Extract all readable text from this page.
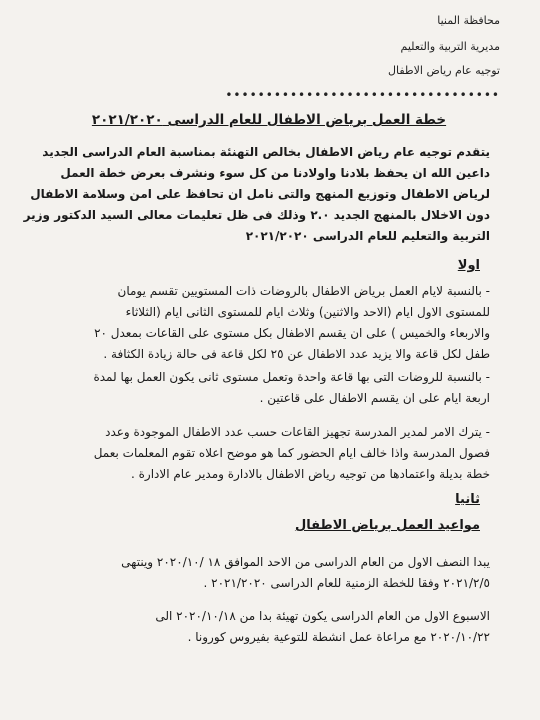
محافظة المنيا
مديرية التربية والتعليم
توجيه عام رياض الاطفال
••••••••••••••••••••••••••••••••••
خطة العمل برياض الاطفال للعام الدراسى ٢٠٢١/٢٠٢٠
يتقدم توجيه عام رياض الاطفال بخالص التهنئة بمناسبة العام الدراسى الجديد
داعين الله ان يحفظ بلادنا واولادنا من كل سوء ونشرف بعرض خطة العمل
لرياض الاطفال وتوزيع المنهج والتى نامل ان تحافظ على امن وسلامة الاطفال
دون الاخلال بالمنهج الجديد ٢.٠ وذلك فى ظل تعليمات معالى السيد الدكتور وزير
التربية والتعليم للعام الدراسى ٢٠٢١/٢٠٢٠
اولا
- بالنسبة لايام العمل برياض الاطفال بالروضات ذات المستويين تقسم يومان
للمستوى الاول ايام (الاحد والاثنين) وثلاث ايام للمستوى الثانى ايام (الثلاثاء
والاربعاء والخميس ) على ان يقسم الاطفال بكل مستوى على القاعات بمعدل ٢٠
طفل لكل قاعة والا يزيد عدد الاطفال عن ٢٥ لكل قاعة فى حالة زيادة الكثافة .
- بالنسبة للروضات التى بها قاعة واحدة وتعمل مستوى ثانى يكون العمل بها لمدة
اربعة ايام على ان يقسم الاطفال على قاعتين .
- يترك الامر لمدير المدرسة تجهيز القاعات حسب عدد الاطفال الموجودة وعدد
فصول المدرسة واذا خالف ايام الحضور كما هو موضح اعلاه تقوم المعلمات بعمل
خطة بديلة واعتمادها من توجيه رياض الاطفال بالادارة ومدير عام الادارة .
ثانيا
مواعيد العمل برياض الاطفال
يبدا النصف الاول من العام الدراسى من الاحد الموافق ١٨ /٢٠٢٠/١٠ وينتهى
٢٠٢١/٢/٥ وفقا للخطة الزمنية للعام الدراسى ٢٠٢١/٢٠٢٠ .
الاسبوع الاول من العام الدراسى يكون تهيئة بدا من ٢٠٢٠/١٠/١٨ الى
٢٠٢٠/١٠/٢٢ مع مراعاة عمل انشطة للتوعية بفيروس كورونا .
